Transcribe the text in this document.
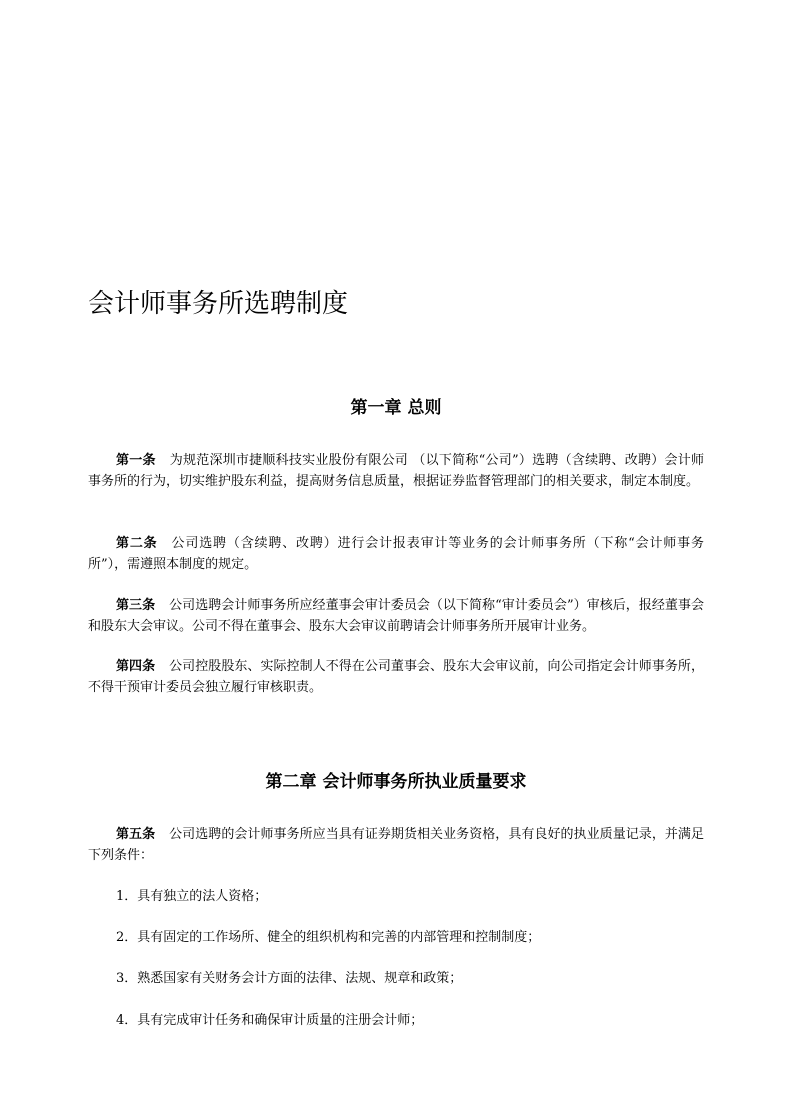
会计师事务所选聘制度
第一章 总则
第一条 为规范深圳市捷顺科技实业股份有限公司 （以下简称“公司”）选聘（含续聘、改聘）会计师事务所的行为，切实维护股东利益，提高财务信息质量，根据证券监督管理部门的相关要求，制定本制度。
第二条 公司选聘（含续聘、改聘）进行会计报表审计等业务的会计师事务所（下称“会计师事务所”），需遵照本制度的规定。
第三条 公司选聘会计师事务所应经董事会审计委员会（以下简称“审计委员会”）审核后，报经董事会和股东大会审议。公司不得在董事会、股东大会审议前聘请会计师事务所开展审计业务。
第四条 公司控股股东、实际控制人不得在公司董事会、股东大会审议前，向公司指定会计师事务所，不得干预审计委员会独立履行审核职责。
第二章 会计师事务所执业质量要求
第五条 公司选聘的会计师事务所应当具有证券期货相关业务资格，具有良好的执业质量记录，并满足下列条件：
1．具有独立的法人资格；
2．具有固定的工作场所、健全的组织机构和完善的内部管理和控制制度；
3．熟悉国家有关财务会计方面的法律、法规、规章和政策；
4．具有完成审计任务和确保审计质量的注册会计师；
